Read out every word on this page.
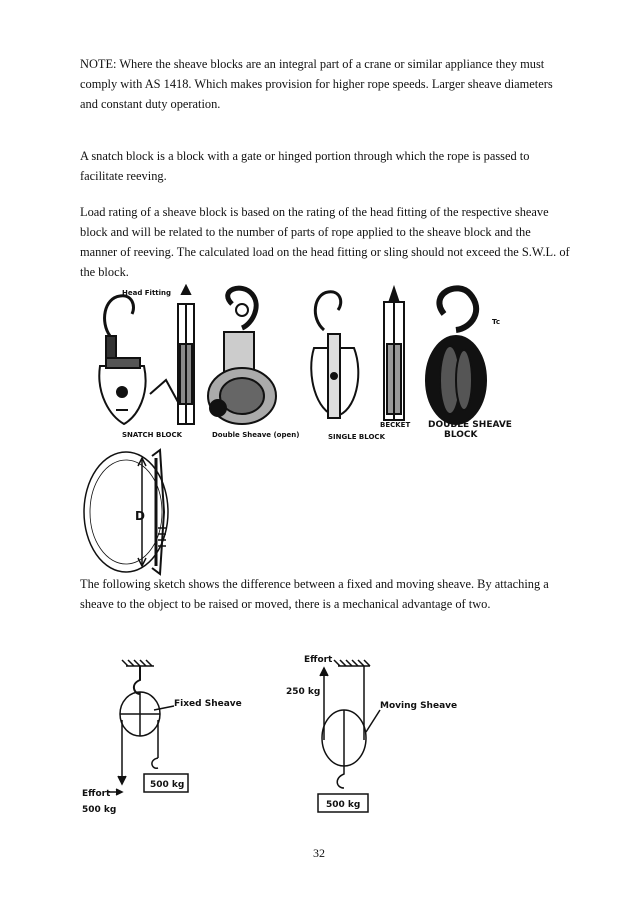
NOTE: Where the sheave blocks are an integral part of a crane or similar appliance they must comply with AS 1418. Which makes provision for higher rope speeds. Larger sheave diameters and constant duty operation.

A snatch block is a block with a gate or hinged portion through which the rope is passed to facilitate reeving.

Load rating of a sheave block is based on the rating of the head fitting of the respective sheave block and will be related to the number of parts of rope applied to the sheave block and the manner of reeving. The calculated load on the head fitting or sling should not exceed the S.W.L. of the block.

Head Fitting
SNATCH BLOCK	Double Sheave (open)	SINGLE BLOCK
BECKET DOUBLE SHEAVE
BLOCK
Tc
D

The following sketch shows the difference between a fixed and moving sheave. By attaching a sheave to the object to be raised or moved, there is a mechanical advantage of two.

Fixed Sheave
Effort
500 kg
500 kg
Effort
250 kg
Moving Sheave
500 kg
32
